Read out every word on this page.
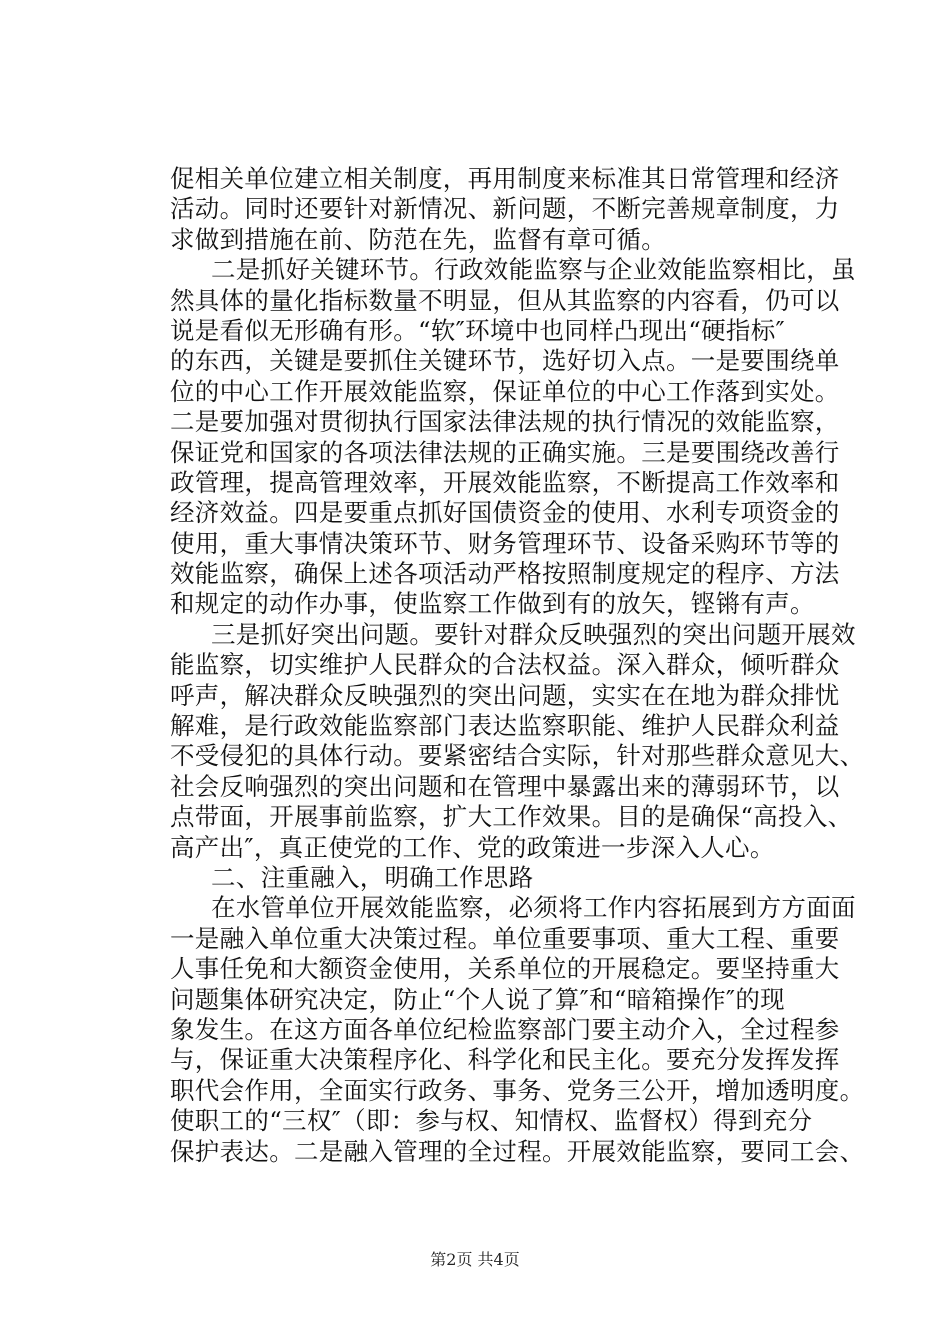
促相关单位建立相关制度，再用制度来标准其日常管理和经济
活动。同时还要针对新情况、新问题，不断完善规章制度，力
求做到措施在前、防范在先，监督有章可循。
二是抓好关键环节。行政效能监察与企业效能监察相比，虽
然具体的量化指标数量不明显，但从其监察的内容看，仍可以
说是看似无形确有形。“软″环境中也同样凸现出“硬指标″
的东西，关键是要抓住关键环节，选好切入点。一是要围绕单
位的中心工作开展效能监察，保证单位的中心工作落到实处。
二是要加强对贯彻执行国家法律法规的执行情况的效能监察，
保证党和国家的各项法律法规的正确实施。三是要围绕改善行
政管理，提高管理效率，开展效能监察，不断提高工作效率和
经济效益。四是要重点抓好国债资金的使用、水利专项资金的
使用，重大事情决策环节、财务管理环节、设备采购环节等的
效能监察，确保上述各项活动严格按照制度规定的程序、方法
和规定的动作办事，使监察工作做到有的放矢，铿锵有声。
三是抓好突出问题。要针对群众反映强烈的突出问题开展效
能监察，切实维护人民群众的合法权益。深入群众，倾听群众
呼声，解决群众反映强烈的突出问题，实实在在地为群众排忧
解难，是行政效能监察部门表达监察职能、维护人民群众利益
不受侵犯的具体行动。要紧密结合实际，针对那些群众意见大、
社会反响强烈的突出问题和在管理中暴露出来的薄弱环节，以
点带面，开展事前监察，扩大工作效果。目的是确保“高投入、
高产出″，真正使党的工作、党的政策进一步深入人心。
二、注重融入，明确工作思路
在水管单位开展效能监察，必须将工作内容拓展到方方面面
一是融入单位重大决策过程。单位重要事项、重大工程、重要
人事任免和大额资金使用，关系单位的开展稳定。要坚持重大
问题集体研究决定，防止“个人说了算″和“暗箱操作″的现
象发生。在这方面各单位纪检监察部门要主动介入，全过程参
与，保证重大决策程序化、科学化和民主化。要充分发挥发挥
职代会作用，全面实行政务、事务、党务三公开，增加透明度。
使职工的“三权″（即：参与权、知情权、监督权）得到充分
保护表达。二是融入管理的全过程。开展效能监察，要同工会、
第2页 共4页
